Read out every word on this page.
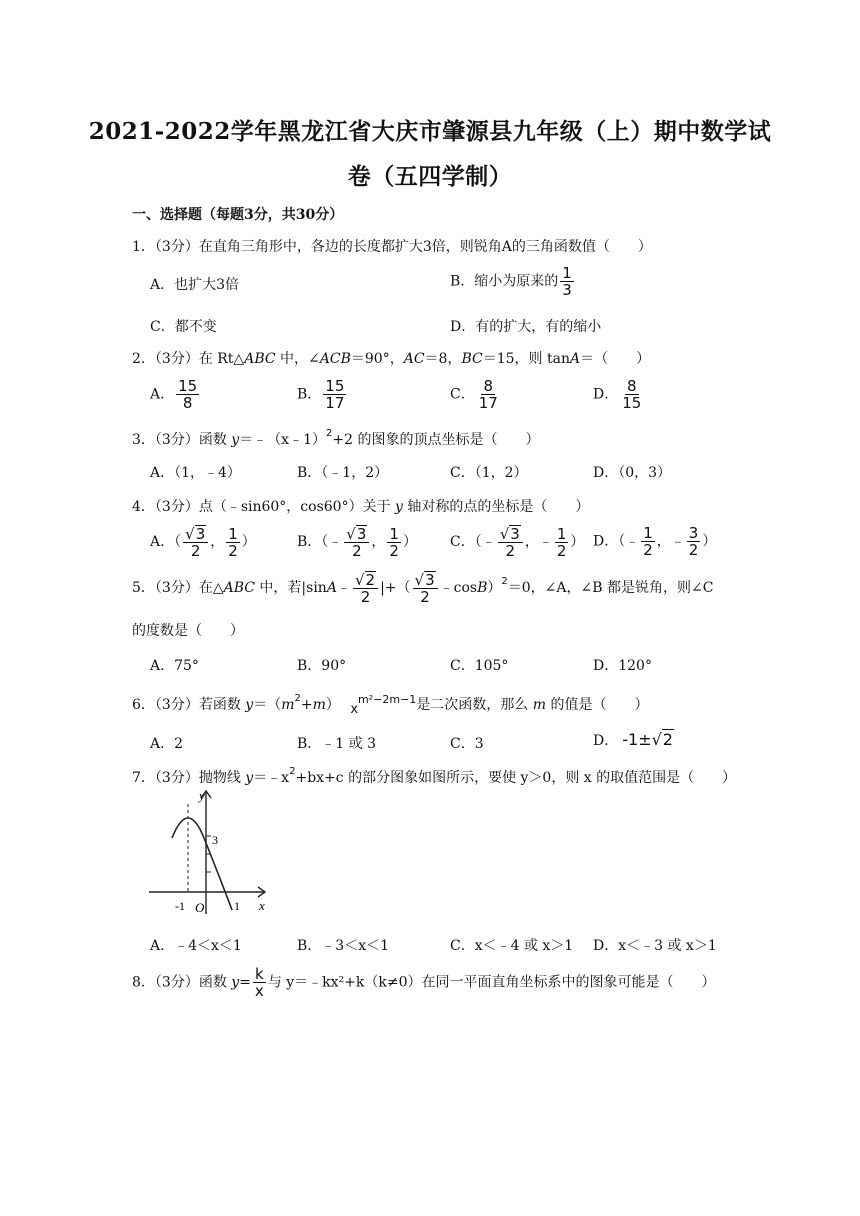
2021-2022学年黑龙江省大庆市肇源县九年级（上）期中数学试
卷（五四学制）
一、选择题（每题3分，共30分）
1．（3分）在直角三角形中，各边的长度都扩大3倍，则锐角A的三角函数值（　　）
A．也扩大3倍	B．缩小为原来的 $\frac{1}{3}$
C．都不变	D．有的扩大，有的缩小
2．（3分）在 Rt△ABC 中，∠ACB＝90°，AC＝8，BC＝15，则 tanA＝（　　）
A． $\frac{15}{8}$	B． $\frac{15}{17}$	C． $\frac{8}{17}$	D． $\frac{8}{15}$
3．（3分）函数 y＝﹣（x﹣1）$^2$+2 的图象的顶点坐标是（　　）
A．（1，﹣4）	B．（﹣1，2）	C．（1，2）	D．（0，3）
4．（3分）点（﹣sin60°，cos60°）关于 y 轴对称的点的坐标是（　　）
A．（ $\frac{√3}{2}$ ， $\frac{1}{2}$ ）	B．（﹣ $\frac{√3}{2}$ ， $\frac{1}{2}$ ） C．（﹣ $\frac{√3}{2}$ ，﹣ $\frac{1}{2}$ ） D．（﹣ $\frac{1}{2}$ ，﹣ $\frac{3}{2}$ ）
5．（3分）在△ABC 中，若|sinA﹣ $\frac{√2}{2}$ |+（ $\frac{√3}{2}$ ﹣cosB）$^2$＝0，∠A，∠B 都是锐角，则∠C
的度数是（　　）
A．75°	B．90°	C．105°	D．120°
6．（3分）若函数 $y=(m^2+m)$ $x^{m^2-2m-1}$是二次函数，那么 m 的值是（　　）
A．2	B．﹣1 或 3	C．3	D． -1±√2
7．（3分）抛物线 $y=﹣x^2+bx+c$ 的部分图象如图所示，要使 y＞0，则 x 的取值范围是（　　）
y
x
3
-1 O 1
A．﹣4＜x＜1	B．﹣3＜x＜1	C．x＜﹣4 或 x＞1 D．x＜﹣3 或 x＞1
8．（3分）函数 $y= \frac{k}{x}$ 与 y＝﹣kx²+k（k≠0）在同一平面直角坐标系中的图象可能是（　　）
